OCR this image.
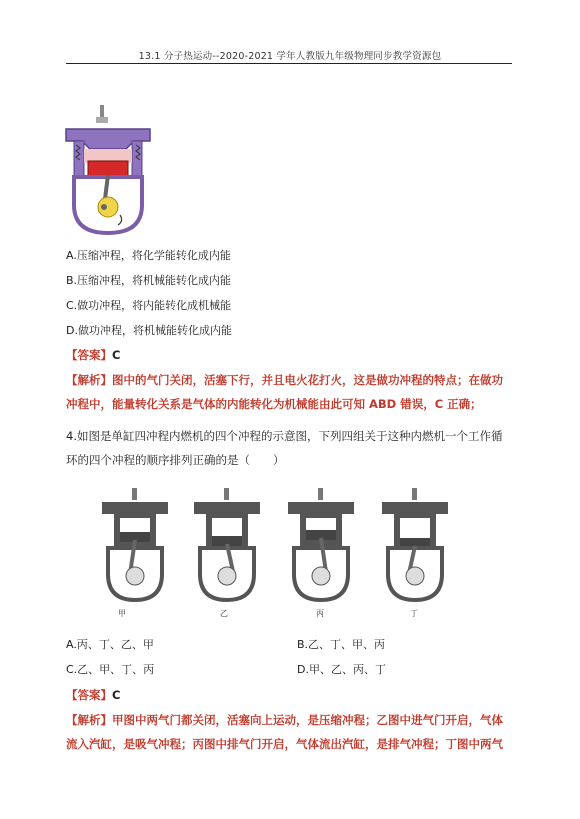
13.1 分子热运动--2020-2021 学年人教版九年级物理同步教学资源包
A.压缩冲程，将化学能转化成内能
B.压缩冲程，将机械能转化成内能
C.做功冲程，将内能转化成机械能
D.做功冲程，将机械能转化成内能
【答案】C
【解析】图中的气门关闭，活塞下行，并且电火花打火，这是做功冲程的特点；在做功冲程中，能量转化关系是气体的内能转化为机械能由此可知 ABD 错误，C 正确；
4.如图是单缸四冲程内燃机的四个冲程的示意图，下列四组关于这种内燃机一个工作循环的四个冲程的顺序排列正确的是（　　）
甲	乙	丙	丁
A.丙、丁、乙、甲	B.乙、丁、甲、丙
C.乙、甲、丁、丙	D.甲、乙、丙、丁
【答案】C
【解析】甲图中两气门都关闭，活塞向上运动，是压缩冲程；乙图中进气门开启，气体流入汽缸，是吸气冲程；丙图中排气门开启，气体流出汽缸，是排气冲程；丁图中两气
